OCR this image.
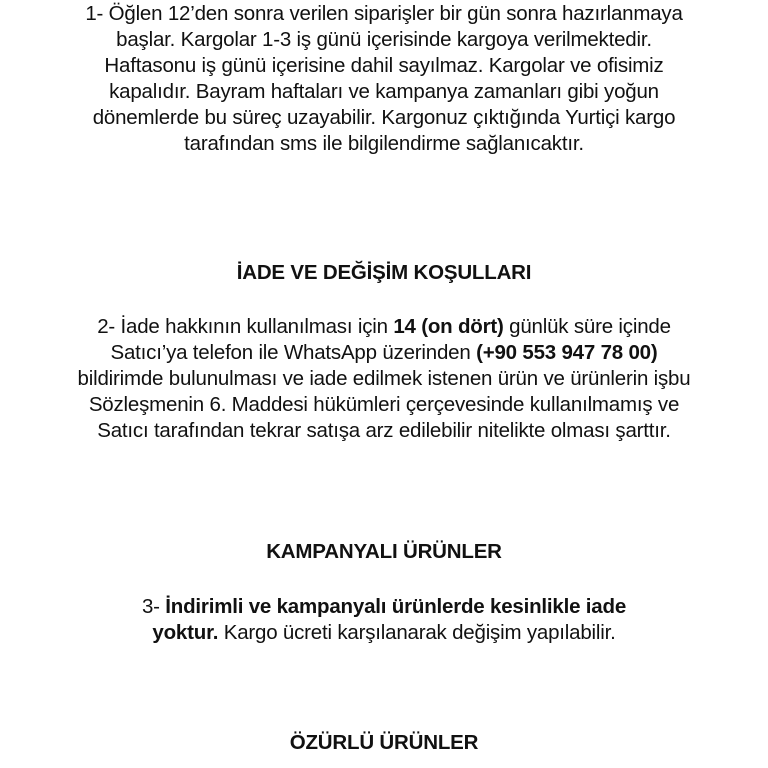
1- Öğlen 12’den sonra verilen siparişler bir gün sonra hazırlanmaya
başlar. Kargolar 1-3 iş günü içerisinde kargoya verilmektedir.
Haftasonu iş günü içerisine dahil sayılmaz. Kargolar ve ofisimiz
kapalıdır. Bayram haftaları ve kampanya zamanları gibi yoğun
dönemlerde bu süreç uzayabilir. Kargonuz çıktığında Yurtiçi kargo
tarafından sms ile bilgilendirme sağlanıcaktır.

İADE VE DEĞİŞİM KOŞULLARI

2- İade hakkının kullanılması için 14 (on dört) günlük süre içinde
Satıcı’ya telefon ile WhatsApp üzerinden (+90 553 947 78 00)
bildirimde bulunulması ve iade edilmek istenen ürün ve ürünlerin işbu
Sözleşmenin 6. Maddesi hükümleri çerçevesinde kullanılmamış ve
Satıcı tarafından tekrar satışa arz edilebilir nitelikte olması şarttır.

KAMPANYALI ÜRÜNLER

3- İndirimli ve kampanyalı ürünlerde kesinlikle iade
yoktur. Kargo ücreti karşılanarak değişim yapılabilir.

ÖZÜRLÜ ÜRÜNLER
